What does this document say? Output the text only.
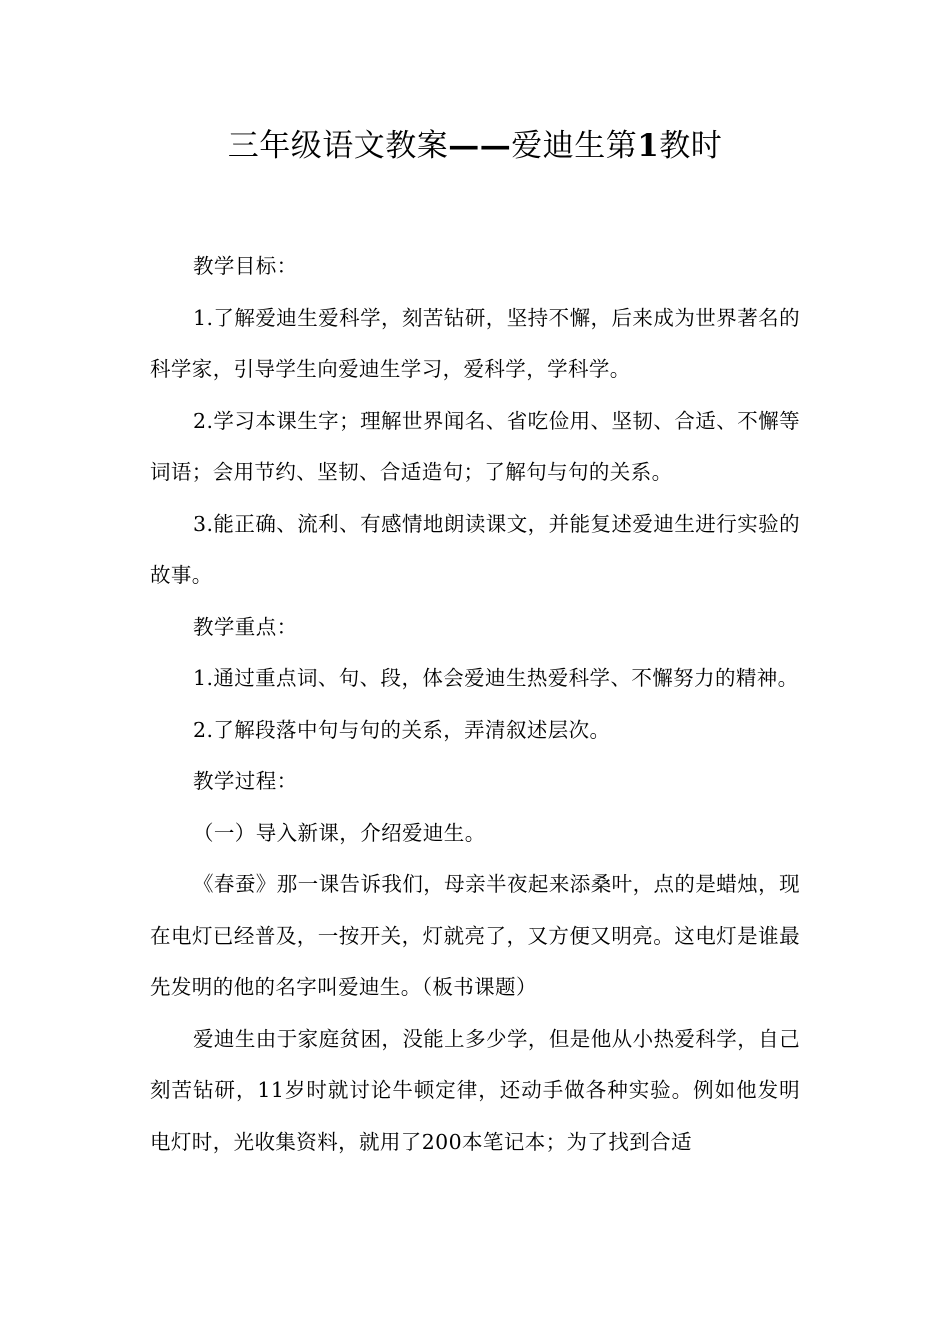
三年级语文教案——爱迪生第1教时

教学目标：

1.了解爱迪生爱科学，刻苦钻研，坚持不懈，后来成为世界著名的科学家，引导学生向爱迪生学习，爱科学，学科学。

2.学习本课生字；理解世界闻名、省吃俭用、坚韧、合适、不懈等词语；会用节约、坚韧、合适造句；了解句与句的关系。

3.能正确、流利、有感情地朗读课文，并能复述爱迪生进行实验的故事。

教学重点：

1.通过重点词、句、段，体会爱迪生热爱科学、不懈努力的精神。

2.了解段落中句与句的关系，弄清叙述层次。

教学过程：

（一）导入新课，介绍爱迪生。

《春蚕》那一课告诉我们，母亲半夜起来添桑叶，点的是蜡烛，现在电灯已经普及，一按开关，灯就亮了，又方便又明亮。这电灯是谁最先发明的他的名字叫爱迪生。（板书课题）

爱迪生由于家庭贫困，没能上多少学，但是他从小热爱科学，自己刻苦钻研，11岁时就讨论牛顿定律，还动手做各种实验。例如他发明电灯时，光收集资料，就用了200本笔记本；为了找到合适
